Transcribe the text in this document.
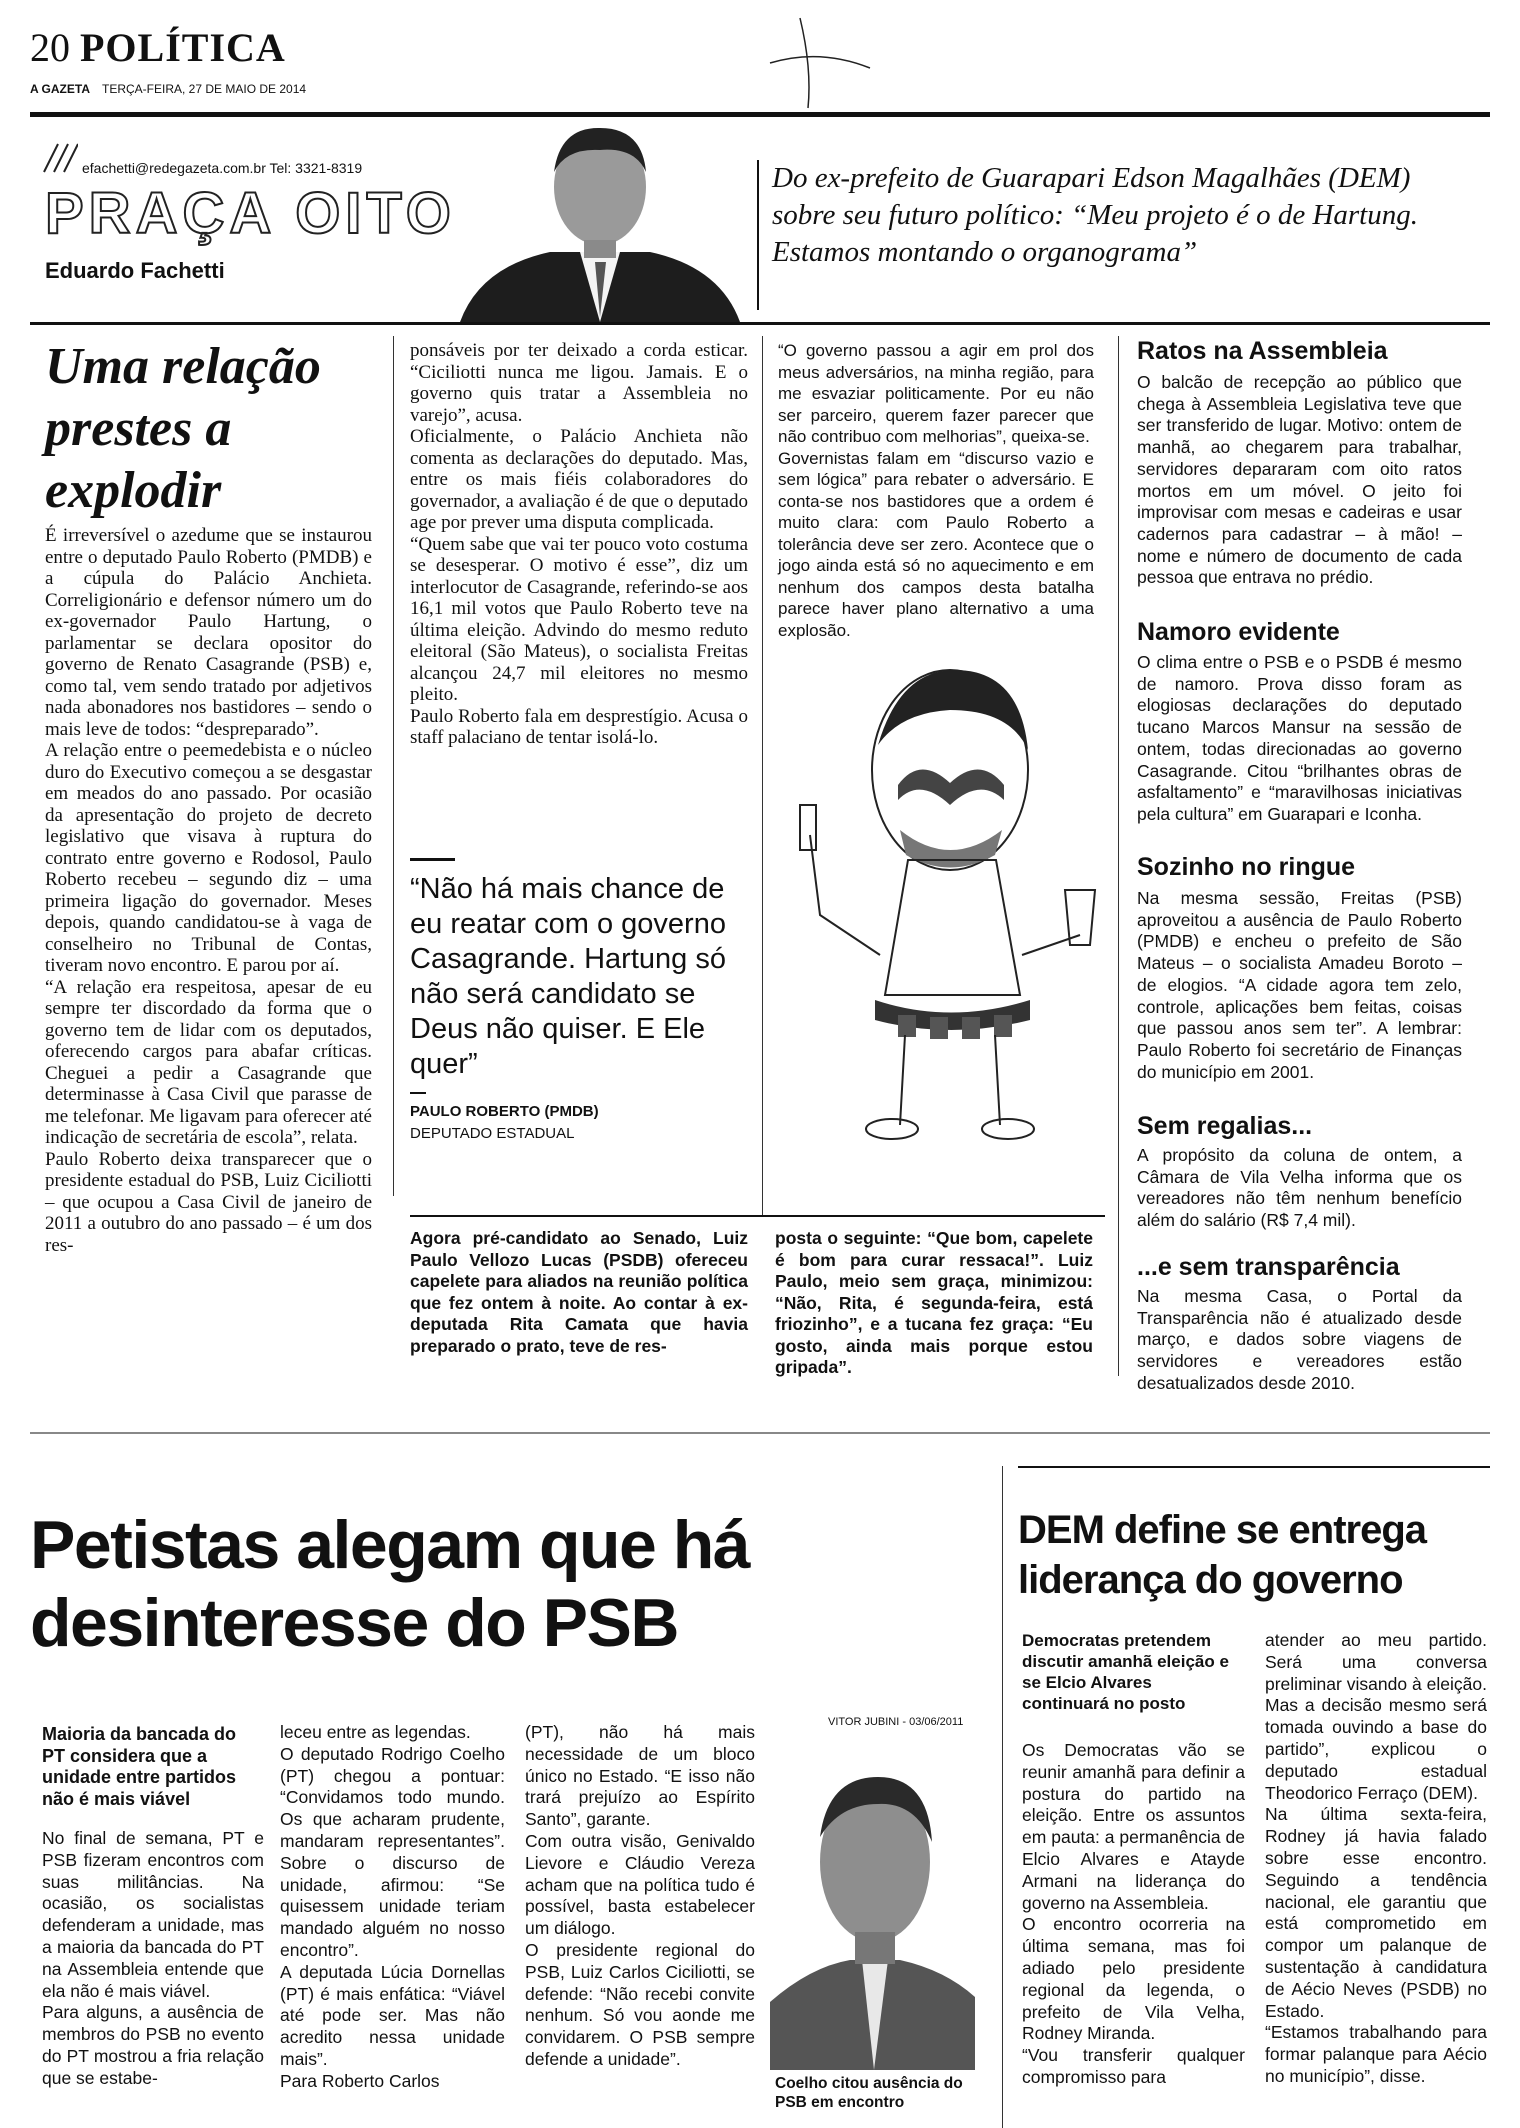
20 POLÍTICA
A GAZETA TERÇA-FEIRA, 27 DE MAIO DE 2014
efachetti@redegazeta.com.br Tel: 3321-8319
PRAÇA OITO
Eduardo Fachetti
Do ex-prefeito de Guarapari Edson Magalhães (DEM) sobre seu futuro político: “Meu projeto é o de Hartung. Estamos montando o organograma”
Uma relação prestes a explodir
É irreversível o azedume que se instaurou entre o deputado Paulo Roberto (PMDB) e a cúpula do Palácio Anchieta. Correligionário e defensor número um do ex-governador Paulo Hartung, o parlamentar se declara opositor do governo de Renato Casagrande (PSB) e, como tal, vem sendo tratado por adjetivos nada abonadores nos bastidores – sendo o mais leve de todos: “despreparado”.
A relação entre o peemedebista e o núcleo duro do Executivo começou a se desgastar em meados do ano passado. Por ocasião da apresentação do projeto de decreto legislativo que visava à ruptura do contrato entre governo e Rodosol, Paulo Roberto recebeu – segundo diz – uma primeira ligação do governador. Meses depois, quando candidatou-se à vaga de conselheiro no Tribunal de Contas, tiveram novo encontro. E parou por aí.
“A relação era respeitosa, apesar de eu sempre ter discordado da forma que o governo tem de lidar com os deputados, oferecendo cargos para abafar críticas. Cheguei a pedir a Casagrande que determinasse à Casa Civil que parasse de me telefonar. Me ligavam para oferecer até indicação de secretária de escola”, relata.
Paulo Roberto deixa transparecer que o presidente estadual do PSB, Luiz Ciciliotti – que ocupou a Casa Civil de janeiro de 2011 a outubro do ano passado – é um dos res-
ponsáveis por ter deixado a corda esticar. “Ciciliotti nunca me ligou. Jamais. E o governo quis tratar a Assembleia no varejo”, acusa.
Oficialmente, o Palácio Anchieta não comenta as declarações do deputado. Mas, entre os mais fiéis colaboradores do governador, a avaliação é de que o deputado age por prever uma disputa complicada.
“Quem sabe que vai ter pouco voto costuma se desesperar. O motivo é esse”, diz um interlocutor de Casagrande, referindo-se aos 16,1 mil votos que Paulo Roberto teve na última eleição. Advindo do mesmo reduto eleitoral (São Mateus), o socialista Freitas alcançou 24,7 mil eleitores no mesmo pleito.
Paulo Roberto fala em desprestígio. Acusa o staff palaciano de tentar isolá-lo.
“O governo passou a agir em prol dos meus adversários, na minha região, para me esvaziar politicamente. Por eu não ser parceiro, querem fazer parecer que não contribuo com melhorias”, queixa-se.
Governistas falam em “discurso vazio e sem lógica” para rebater o adversário. E conta-se nos bastidores que a ordem é muito clara: com Paulo Roberto a tolerância deve ser zero. Acontece que o jogo ainda está só no aquecimento e em nenhum dos campos desta batalha parece haver plano alternativo a uma explosão.
“Não há mais chance de eu reatar com o governo Casagrande. Hartung só não será candidato se Deus não quiser. E Ele quer”
PAULO ROBERTO (PMDB)
DEPUTADO ESTADUAL
Agora pré-candidato ao Senado, Luiz Paulo Vellozo Lucas (PSDB) ofereceu capelete para aliados na reunião política que fez ontem à noite. Ao contar à ex-deputada Rita Camata que havia preparado o prato, teve de res-
posta o seguinte: “Que bom, capelete é bom para curar ressaca!”. Luiz Paulo, meio sem graça, minimizou: “Não, Rita, é segunda-feira, está friozinho”, e a tucana fez graça: “Eu gosto, ainda mais porque estou gripada”.
Ratos na Assembleia
O balcão de recepção ao público que chega à Assembleia Legislativa teve que ser transferido de lugar. Motivo: ontem de manhã, ao chegarem para trabalhar, servidores depararam com oito ratos mortos em um móvel. O jeito foi improvisar com mesas e cadeiras e usar cadernos para cadastrar – à mão! – nome e número de documento de cada pessoa que entrava no prédio.
Namoro evidente
O clima entre o PSB e o PSDB é mesmo de namoro. Prova disso foram as elogiosas declarações do deputado tucano Marcos Mansur na sessão de ontem, todas direcionadas ao governo Casagrande. Citou “brilhantes obras de asfaltamento” e “maravilhosas iniciativas pela cultura” em Guarapari e Iconha.
Sozinho no ringue
Na mesma sessão, Freitas (PSB) aproveitou a ausência de Paulo Roberto (PMDB) e encheu o prefeito de São Mateus – o socialista Amadeu Boroto – de elogios. “A cidade agora tem zelo, controle, aplicações bem feitas, coisas que passou anos sem ter”. A lembrar: Paulo Roberto foi secretário de Finanças do município em 2001.
Sem regalias...
A propósito da coluna de ontem, a Câmara de Vila Velha informa que os vereadores não têm nenhum benefício além do salário (R$ 7,4 mil).
...e sem transparência
Na mesma Casa, o Portal da Transparência não é atualizado desde março, e dados sobre viagens de servidores e vereadores estão desatualizados desde 2010.
Petistas alegam que há desinteresse do PSB
Maioria da bancada do PT considera que a unidade entre partidos não é mais viável
No final de semana, PT e PSB fizeram encontros com suas militâncias. Na ocasião, os socialistas defenderam a unidade, mas a maioria da bancada do PT na Assembleia entende que ela não é mais viável.
Para alguns, a ausência de membros do PSB no evento do PT mostrou a fria relação que se estabe-
leceu entre as legendas.
O deputado Rodrigo Coelho (PT) chegou a pontuar: “Convidamos todo mundo. Os que acharam prudente, mandaram representantes”. Sobre o discurso de unidade, afirmou: “Se quisessem unidade teriam mandado alguém no nosso encontro”.
A deputada Lúcia Dornellas (PT) é mais enfática: “Viável até pode ser. Mas não acredito nessa unidade mais”.
Para Roberto Carlos
(PT), não há mais necessidade de um bloco único no Estado. “E isso não trará prejuízo ao Espírito Santo”, garante.
Com outra visão, Genivaldo Lievore e Cláudio Vereza acham que na política tudo é possível, basta estabelecer um diálogo.
O presidente regional do PSB, Luiz Carlos Ciciliotti, se defende: “Não recebi convite nenhum. Só vou aonde me convidarem. O PSB sempre defende a unidade”.
VITOR JUBINI - 03/06/2011
Coelho citou ausência do PSB em encontro
DEM define se entrega liderança do governo
Democratas pretendem discutir amanhã eleição e se Elcio Alvares continuará no posto
Os Democratas vão se reunir amanhã para definir a postura do partido na eleição. Entre os assuntos em pauta: a permanência de Elcio Alvares e Atayde Armani na liderança do governo na Assembleia.
O encontro ocorreria na última semana, mas foi adiado pelo presidente regional da legenda, o prefeito de Vila Velha, Rodney Miranda.
“Vou transferir qualquer compromisso para
atender ao meu partido. Será uma conversa preliminar visando à eleição. Mas a decisão mesmo será tomada ouvindo a base do partido”, explicou o deputado estadual Theodorico Ferraço (DEM).
Na última sexta-feira, Rodney já havia falado sobre esse encontro. Seguindo a tendência nacional, ele garantiu que está comprometido em compor um palanque de sustentação à candidatura de Aécio Neves (PSDB) no Estado.
“Estamos trabalhando para formar palanque para Aécio no município”, disse.
